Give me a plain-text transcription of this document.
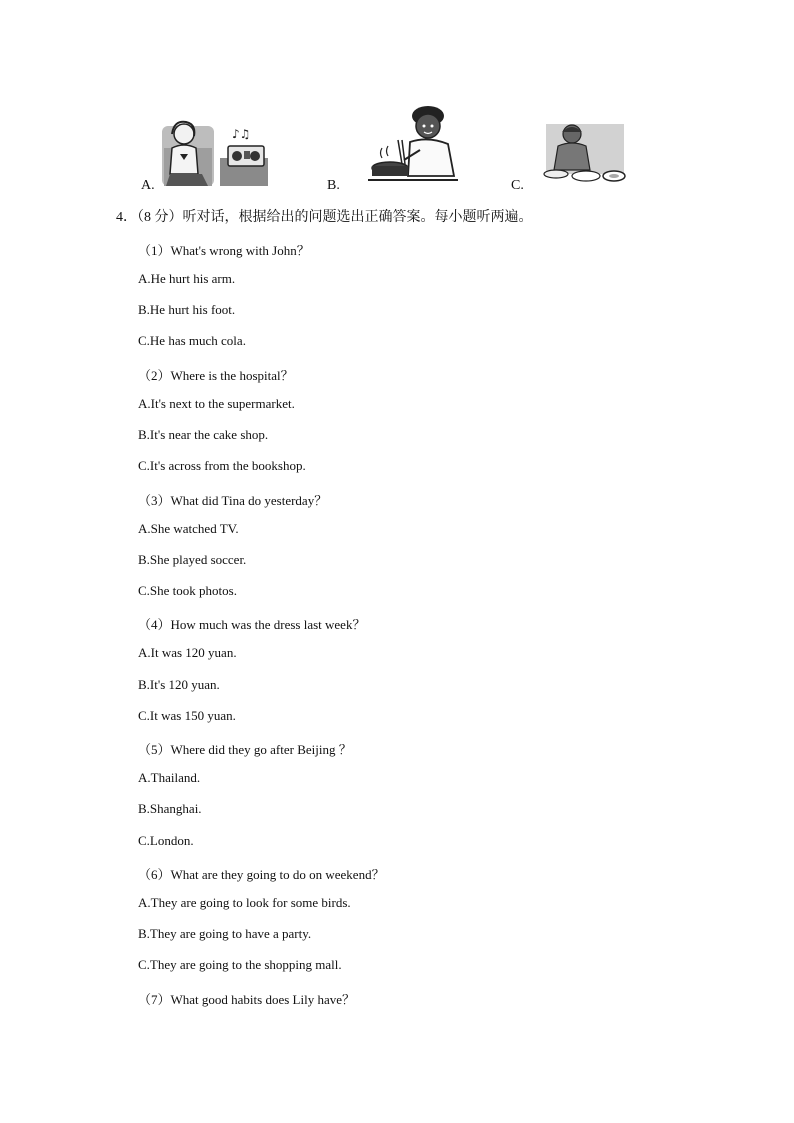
A.
♪♫
B.	C.
4．（8 分）听对话，根据给出的问题选出正确答案。每小题听两遍。
（1）What's wrong with John？
A.He hurt his arm.
B.He hurt his foot.
C.He has much cola.
（2）Where is the hospital？
A.It's next to the supermarket.
B.It's near the cake shop.
C.It's across from the bookshop.
（3）What did Tina do yesterday？
A.She watched TV.
B.She played soccer.
C.She took photos.
（4）How much was the dress last week？
A.It was 120 yuan.
B.It's 120 yuan.
C.It was 150 yuan.
（5）Where did they go after Beijing ？
A.Thailand.
B.Shanghai.
C.London.
（6）What are they going to do on weekend？
A.They are going to look for some birds.
B.They are going to have a party.
C.They are going to the shopping mall.
（7）What good habits does Lily have？
